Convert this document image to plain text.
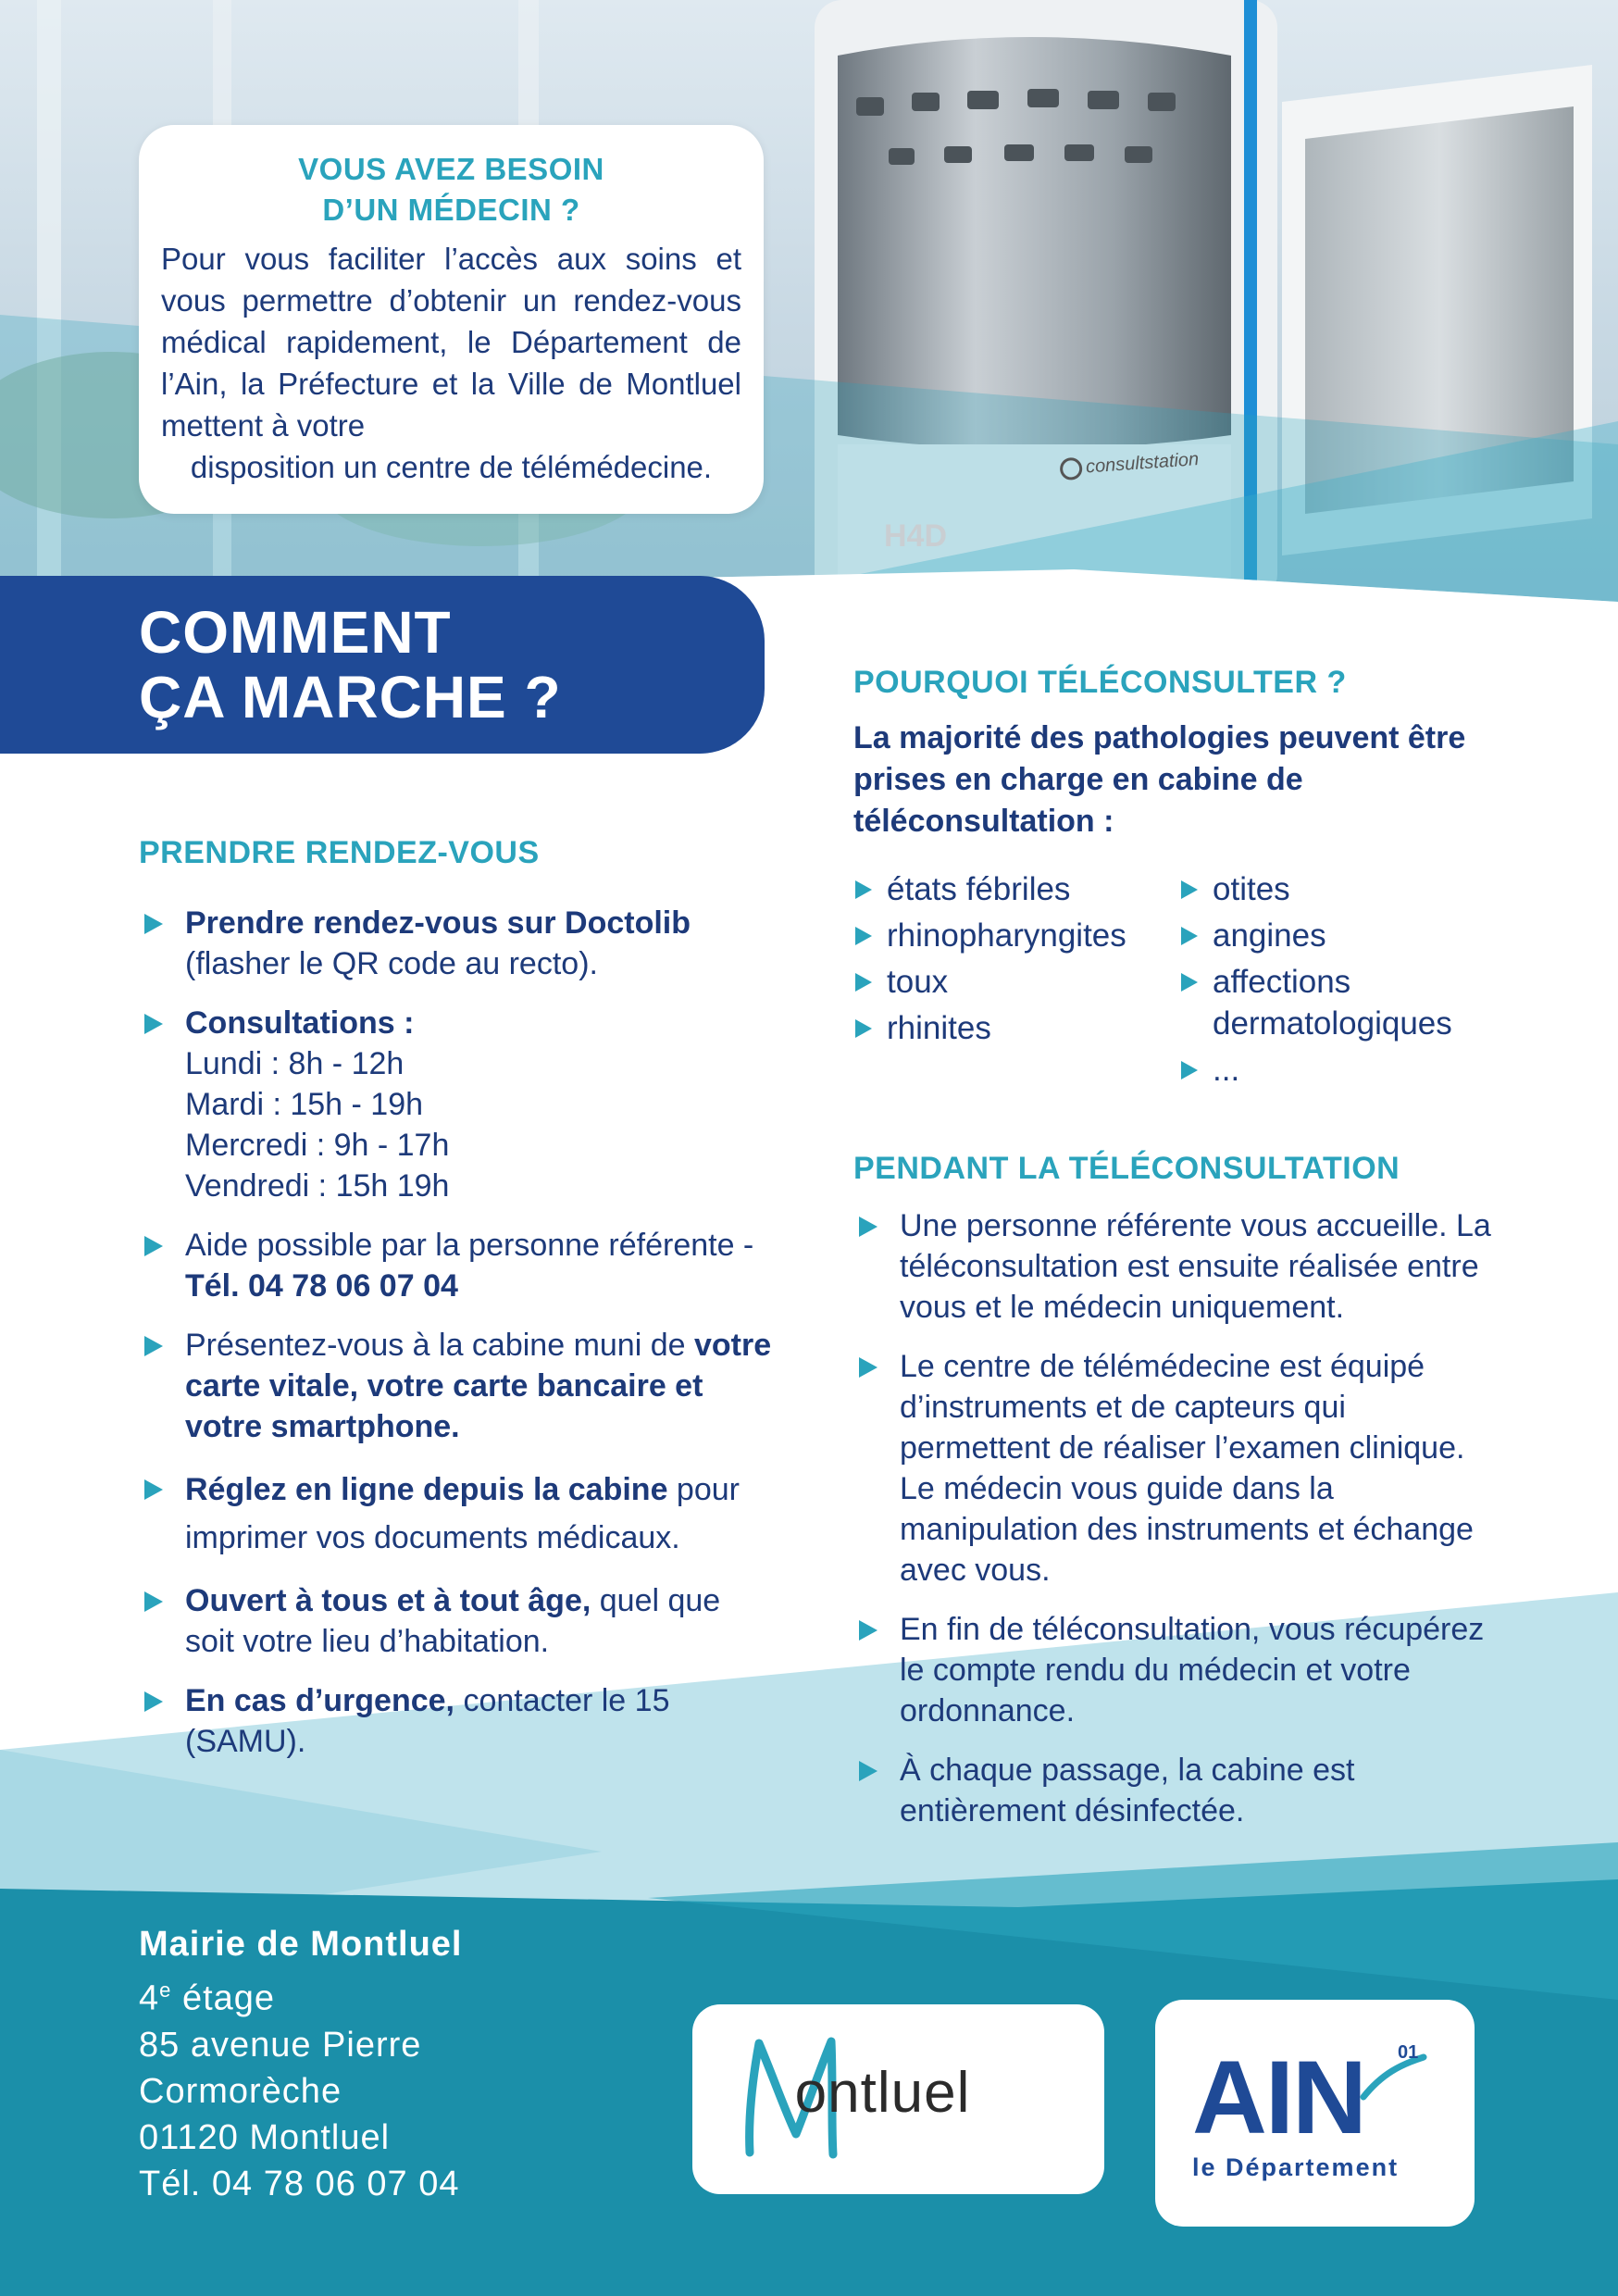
consultstation
H4D
VOUS AVEZ BESOIN
D’UN MÉDECIN ?
Pour vous faciliter l’accès aux soins et vous permettre d’obtenir un rendez-vous médical rapidement, le Département de l’Ain, la Préfecture et la Ville de Montluel mettent à votre
disposition un centre de télémédecine.
COMMENT
ÇA MARCHE ?
PRENDRE RENDEZ-VOUS
Prendre rendez-vous sur Doctolib
(flasher le QR code au recto).
Consultations :
Lundi : 8h - 12h
Mardi : 15h - 19h
Mercredi : 9h - 17h
Vendredi : 15h 19h
Aide possible par la personne référente - Tél. 04 78 06 07 04
Présentez-vous à la cabine muni de votre carte vitale, votre carte bancaire et votre smartphone.
Réglez en ligne depuis la cabine pour imprimer vos documents médicaux.
Ouvert à tous et à tout âge, quel que soit votre lieu d’habitation.
En cas d’urgence, contacter le 15 (SAMU).
POURQUOI TÉLÉCONSULTER ?
La majorité des pathologies peuvent être prises en charge en cabine de téléconsultation :
états fébriles
rhinopharyngites
toux
rhinites
otites
angines
affections dermatologiques
...
PENDANT LA TÉLÉCONSULTATION
Une personne référente vous accueille. La téléconsultation est ensuite réalisée entre vous et le médecin uniquement.
Le centre de télémédecine est équipé d’instruments et de capteurs qui permettent de réaliser l’examen clinique. Le médecin vous guide dans la manipulation des instruments et échange avec vous.
En fin de téléconsultation, vous récupérez le compte rendu du médecin et votre ordonnance.
À chaque passage, la cabine est entièrement désinfectée.
Mairie de Montluel
4e étage
85 avenue Pierre
Cormorèche
01120 Montluel
Tél. 04 78 06 07 04
ontluel AIN 01
le Département
